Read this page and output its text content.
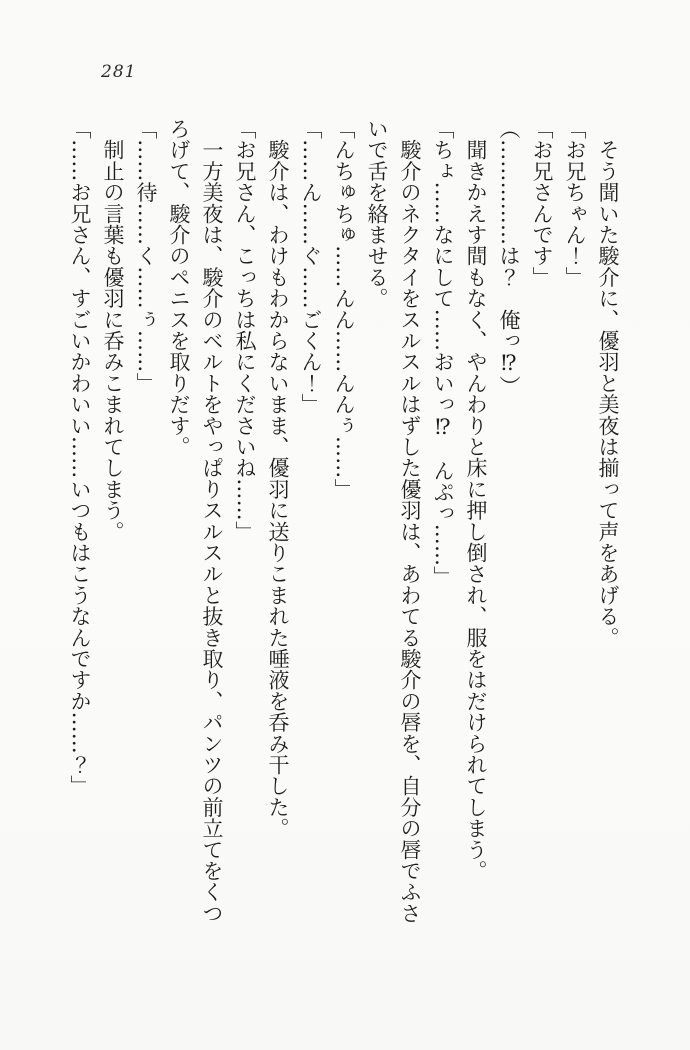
281

　そう聞いた駿介に、優羽と美夜は揃って声をあげる。

「お兄ちゃん！」

「お兄さんです」

（……………は？　俺っ⁉）

　聞きかえす間もなく、やんわりと床に押し倒され、服をはだけられてしまう。

「ちょ……なにして……おいっ⁉　んぷっ……」

　駿介のネクタイをスルスルはずした優羽は、あわてる駿介の唇を、自分の唇でふさいで舌を絡ませる。

「んちゅちゅ……んん……んんぅ……」

「……ん……ぐ……ごくん！」

　駿介は、わけもわからないまま、優羽に送りこまれた唾液を呑み干した。

「お兄さん、こっちは私にくださいね……」

　一方美夜は、駿介のベルトをやっぱりスルスルと抜き取り、パンツの前立てをくつろげて、駿介のペニスを取りだす。

「……待……く……ぅ……」

　制止の言葉も優羽に呑みこまれてしまう。

「……お兄さん、すごいかわいい……いつもはこうなんですか……？」
